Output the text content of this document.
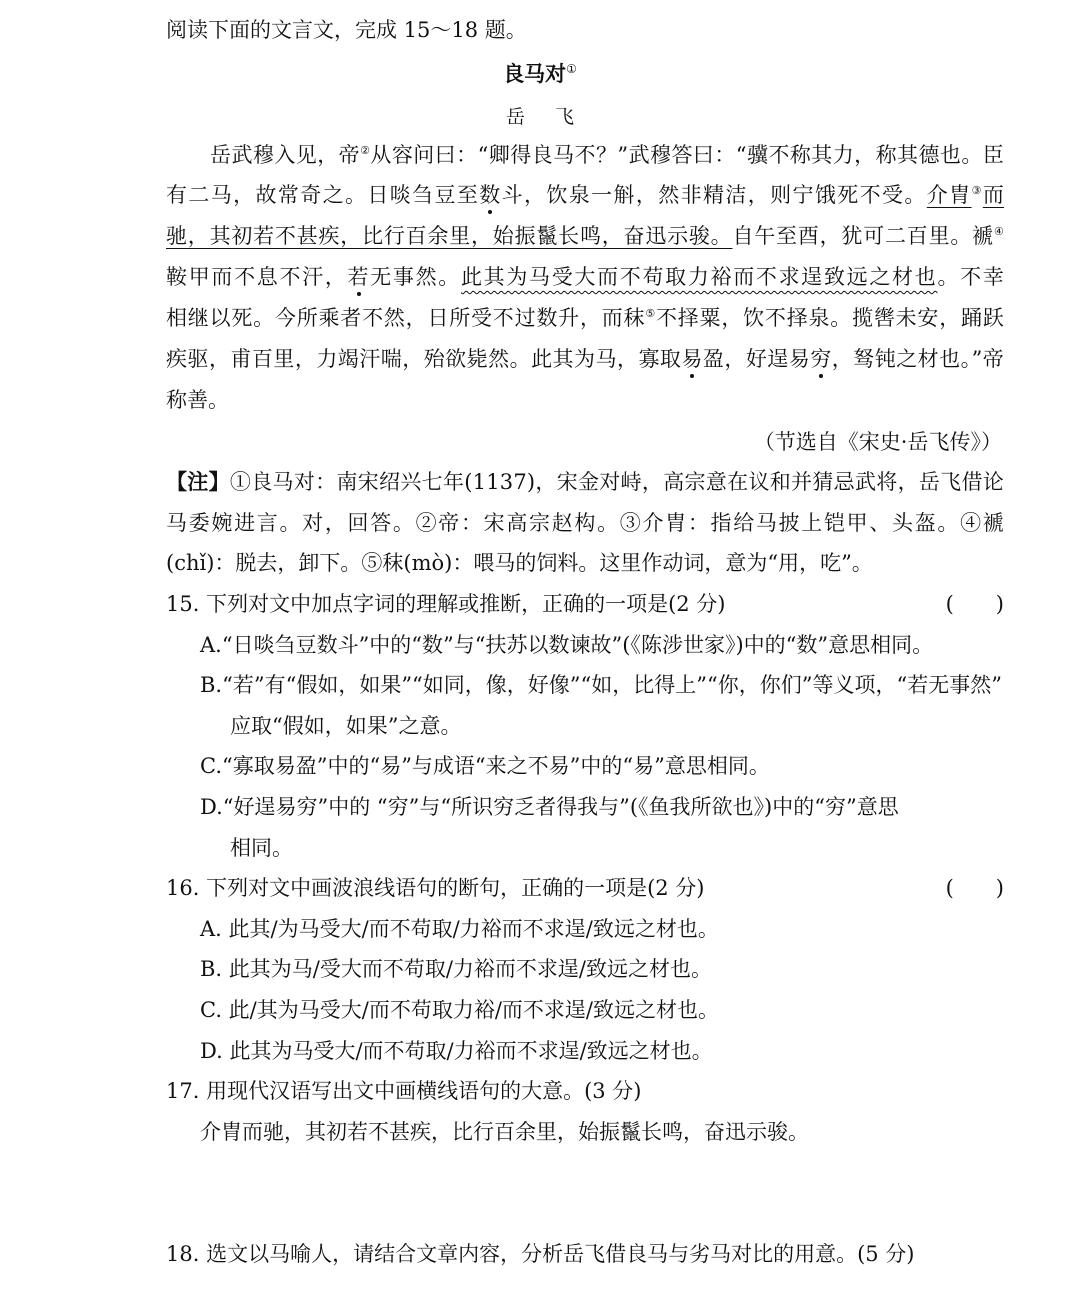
阅读下面的文言文，完成 15～18 题。
良马对①
岳飞
岳武穆入见，帝②从容问曰：“卿得良马不？”武穆答曰：“骥不称其力，称其德也。臣
有二马，故常奇之。日啖刍豆至数斗，饮泉一斛，然非精洁，则宁饿死不受。介胄③而
驰，其初若不甚疾，比行百余里，始振鬣长鸣，奋迅示骏。自午至酉，犹可二百里。褫④
鞍甲而不息不汗，若无事然。此其为马受大而不苟取力裕而不求逞致远之材也。不幸
相继以死。今所乘者不然，日所受不过数升，而秣⑤不择粟，饮不择泉。揽辔未安，踊跃
疾驱，甫百里，力竭汗喘，殆欲毙然。此其为马，寡取易盈，好逞易穷，驽钝之材也。”帝
称善。
（节选自《宋史·岳飞传》）
【注】①良马对：南宋绍兴七年(1137)，宋金对峙，高宗意在议和并猜忌武将，岳飞借论
马委婉进言。对，回答。②帝：宋高宗赵构。③介胄：指给马披上铠甲、头盔。④褫
(chǐ)：脱去，卸下。⑤秣(mò)：喂马的饲料。这里作动词，意为“用，吃”。
15. 下列对文中加点字词的理解或推断，正确的一项是(2 分)	(　　)
A.“日啖刍豆数斗”中的“数”与“扶苏以数谏故”(《陈涉世家》)中的“数”意思相同。
B.“若”有“假如，如果”“如同，像，好像”“如，比得上”“你，你们”等义项，“若无事然”
应取“假如，如果”之意。
C.“寡取易盈”中的“易”与成语“来之不易”中的“易”意思相同。
D.“好逞易穷”中的 “穷”与“所识穷乏者得我与”(《鱼我所欲也》)中的“穷”意思
相同。
16. 下列对文中画波浪线语句的断句，正确的一项是(2 分)	(　　)
A. 此其/为马受大/而不苟取/力裕而不求逞/致远之材也。
B. 此其为马/受大而不苟取/力裕而不求逞/致远之材也。
C. 此/其为马受大/而不苟取力裕/而不求逞/致远之材也。
D. 此其为马受大/而不苟取/力裕而不求逞/致远之材也。
17. 用现代汉语写出文中画横线语句的大意。(3 分)
介胄而驰，其初若不甚疾，比行百余里，始振鬣长鸣，奋迅示骏。
18. 选文以马喻人，请结合文章内容，分析岳飞借良马与劣马对比的用意。(5 分)
